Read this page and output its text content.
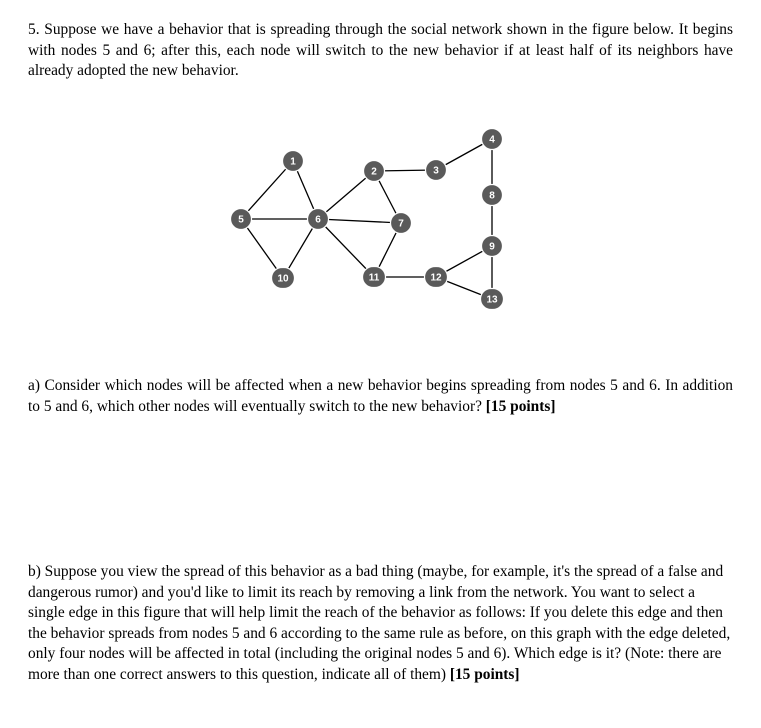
5. Suppose we have a behavior that is spreading through the social network shown in the figure below. It begins with nodes 5 and 6; after this, each node will switch to the new behavior if at least half of its neighbors have already adopted the new behavior.

1
2	3
4
5	6	7
8
9
10	11	12
13

a) Consider which nodes will be affected when a new behavior begins spreading from nodes 5 and 6. In addition to 5 and 6, which other nodes will eventually switch to the new behavior? [15 points]

b) Suppose you view the spread of this behavior as a bad thing (maybe, for example, it's the spread of a false and dangerous rumor) and you'd like to limit its reach by removing a link from the network. You want to select a single edge in this figure that will help limit the reach of the behavior as follows: If you delete this edge and then the behavior spreads from nodes 5 and 6 according to the same rule as before, on this graph with the edge deleted, only four nodes will be affected in total (including the original nodes 5 and 6). Which edge is it? (Note: there are more than one correct answers to this question, indicate all of them) [15 points]
